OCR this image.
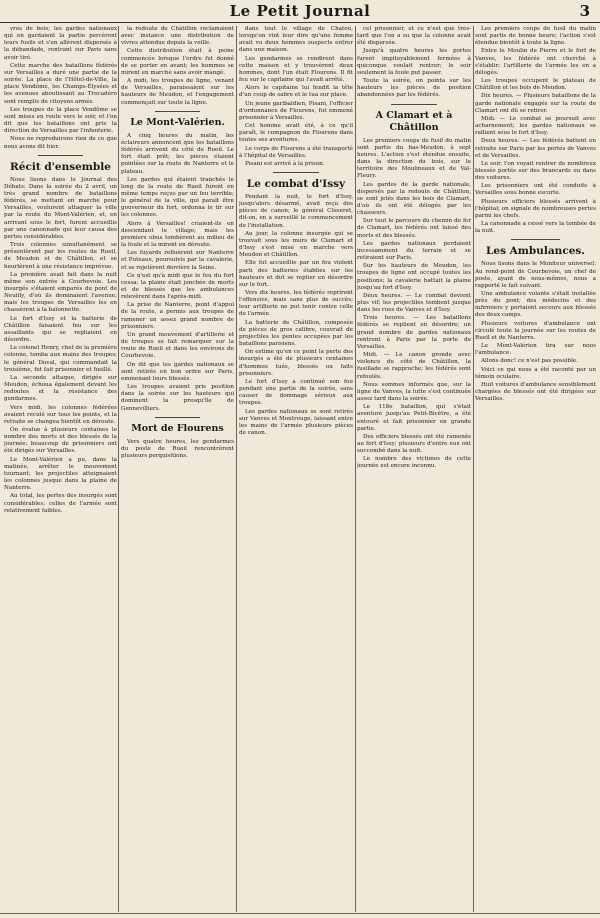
Le Petit Journal	3

vres de bois; les gardes nationaux qui en gardaient la partie percèrent leurs fusils et s'en allèrent dispersés à la débandade, rentrant sur Paris sans avoir tiré.

Cette marche des bataillons fédérés sur Versailles a duré une partie de la soirée. La place de l'Hôtel-de-Ville, la place Vendôme, les Champs-Élysées et les avenues aboutissant au Trocadéro sont remplis de citoyens armés.

Les troupes de la place Vendôme se sont mises en route vers le soir, et l'on dit que les bataillons ont pris la direction de Versailles par l'infanterie.

Nous ne reproduirons rien de ce que nous avons dit hier.

Récit d'ensemble

Nous lisons dans le Journal des Débats: Dans la soirée du 2 avril, un très grand nombre de bataillons fédérés, se mettant en marche pour Versailles, voulurent attaquer la ville par la route du Mont-Valérien, et, en arrivant sous le fort, furent accueillis par une canonnade qui leur causa des pertes considérables.

Trois colonnes simultanément se présentèrent par les routes de Rueil, de Meudon et de Châtillon, et se heurtèrent à une résistance imprévue.

La première avait fait dans la nuit même son entrée à Courbevoie. Les insurgés s'étaient emparés du pont de Neuilly, d'où ils dominaient l'avenue; mais les troupes de Versailles les en chassèrent à la baïonnette.

Le fort d'Issy et la batterie de Châtillon faisaient feu sur les assaillants qui se repliaient en désordre.

Le colonel Henry, chef de la première colonne, tomba aux mains des troupes; le général Duval, qui commandait la troisième, fut fait prisonnier et fusillé.

La seconde attaque, dirigée sur Meudon, échoua également devant les redoutes et la résistance des gendarmes.

Vers midi, les colonnes fédérées avaient reculé sur tous les points, et la retraite se changea bientôt en déroute.

On évalue à plusieurs centaines le nombre des morts et des blessés de la journée; beaucoup de prisonniers ont été dirigés sur Versailles.

Le Mont-Valérien a pu, dans la matinée, arrêter le mouvement tournant; les projectiles atteignaient les colonnes jusque dans la plaine de Nanterre.

Au total, les pertes des insurgés sont considérables; celles de l'armée sont relativement faibles.

la redoute de Châtillon réclamaient avec instance une distribution de vivres attendue depuis la veille.

Cette distribution était à peine commencée lorsque l'ordre fut donné de se porter en avant; les hommes se mirent en marche sans avoir mangé.

A midi, les troupes de ligne, venant de Versailles, paraissaient sur les hauteurs de Meudon, et l'engagement commençait sur toute la ligne.

Le Mont-Valérien.

A cinq heures du matin, les éclaireurs annoncent que les bataillons fédérés arrivent du côté de Rueil. Le fort était prêt; les pièces étaient pointées sur la route de Nanterre et le plateau.

Les gardes qui étaient tranchés le long de la route de Rueil furent en même temps reçus par un feu terrible; le général de la ville, qui paraît être gouverneur du fort, ordonna le tir sur les colonnes.

Alors à Versailles! criaient-ils en descendant le village; mais les premiers obus tombèrent au milieu de la foule et la mirent en déroute.

Les fuyards refluèrent sur Nanterre et Puteaux, poursuivis par la cavalerie, et se rejetèrent derrière la Seine.

Ce n'est qu'à midi que le feu du fort cessa; la plaine était jonchée de morts et de blessés que les ambulances relevèrent dans l'après-midi.

La prise de Nanterre, point d'appui de la route, a permis aux troupes de ramener un assez grand nombre de prisonniers.

Un grand mouvement d'artillerie et de troupes se fait remarquer sur la route de Rueil et dans les environs de Courbevoie.

On dit que les gardes nationaux se sont retirés en bon ordre sur Paris, emmenant leurs blessés.

Les troupes avaient pris position dans la soirée sur les hauteurs qui dominent la presqu'île de Gennevilliers.

Mort de Flourens

Vers quatre heures, les gendarmes du poste de Rueil rencontrèrent plusieurs perquisitions.

dans tout le village de Chatou, lorsqu'on vint leur dire qu'une femme avait vu deux hommes suspects entrer dans une maison.

Les gendarmes se rendirent dans cette maison et y trouvèrent deux hommes, dont l'un était Flourens. Il fit feu sur le capitaine qui l'avait arrêté.

Alors le capitaine lui fendit la tête d'un coup de sabre et le tua sur place.

Un jeune garibaldien, Pisani, l'officier d'ordonnance de Flourens, fut emmené prisonnier à Versailles.

Cet homme avait été, à ce qu'il paraît, le compagnon de Flourens dans toutes ses aventures.

Le corps de Flourens a été transporté à l'hôpital de Versailles.

Pisani est arrivé à la prison.

Le combat d'Issy

Pendant la nuit, le fort d'Issy, jusqu'alors désarmé, avait reçu des pièces de canon; le général Cluseret, dit-on, en a surveillé le commencement de l'installation.

Au jour, la colonne insurgée qui se trouvait sous les murs de Clamart et d'Issy s'est mise en marche vers Meudon et Châtillon.

Elle fut accueillie par un feu violent parti des batteries établies sur les hauteurs et dut se replier en désordre sur le fort.

Vers dix heures, les fédérés reprirent l'offensive, mais sans plus de succès; leur artillerie ne put tenir contre celle de l'armée.

La batterie de Châtillon, composée de pièces de gros calibre, couvrait de projectiles les pentes occupées par les bataillons parisiens.

On estime qu'en ce point la perte des insurgés a été de plusieurs centaines d'hommes tués, blessés ou faits prisonniers.

Le fort d'Issy a continué son feu pendant une partie de la soirée, sans causer de dommage sérieux aux troupes.

Les gardes nationaux se sont retirés sur Vanves et Montrouge, laissant entre les mains de l'armée plusieurs pièces de canon.

cel prisonnier, et ce n'est que très-tard que l'on a su que la colonne avait été dispersée.

Jusqu'à quatre heures les portes furent impitoyablement fermées à quiconque voulait rentrer; le soir seulement la foule put passer.

Toute la soirée, on pointa sur les hauteurs les pièces de position abandonnées par les fédérés.

A Clamart et à Châtillon

Les premiers coups de fusil du matin sont partis du bas-Meudon, à sept heures. L'action s'est étendue ensuite, dans la direction du bois, sur le territoire des Moulineaux et de Val-Fleury.

Les gardes de la garde nationale, dispersés par la redoute de Châtillon, se sont jetés dans les bois de Clamart, d'où ils ont été délogés par les chasseurs.

Sur tout le parcours du chemin de fer de Clamart, les fédérés ont laissé des morts et des blessés.

Les gardes nationaux perdaient incessamment du terrain et se retiraient sur Paris.

Sur les hauteurs de Meudon, les troupes de ligne ont occupé toutes les positions; la cavalerie battait la plaine jusqu'au fort d'Issy.

Deux heures. — Le combat devient plus vif; les projectiles tombent jusque dans les rues de Vanves et d'Issy.

Trois heures. — Les bataillons fédérés se replient en désordre; un grand nombre de gardes nationaux rentrent à Paris par la porte de Versailles.

Midi. — Le canon gronde avec violence du côté de Châtillon, la fusillade se rapproche; les fédérés sont refoulés.

Nous sommes informés que, sur la ligne de Vanves, la lutte s'est continuée assez tard dans la soirée.

Le 118e bataillon, qui s'était aventuré jusqu'au Petit-Bicêtre, a été entouré et fait prisonnier en grande partie.

Des officiers blessés ont été ramenés au fort d'Issy; plusieurs d'entre eux ont succombé dans la nuit.

Le nombre des victimes de cette journée est encore inconnu.

Les premiers coups de fusil du matin sont partis de bonne heure; l'action s'est étendue bientôt à toute la ligne.

Entre le Moulin de Pierre et le fort de Vanves, les fédérés ont cherché à s'établir; l'artillerie de l'armée les en a délogés.

Les troupes occupent le plateau de Châtillon et les bois de Meudon.

Dix heures. — Plusieurs bataillons de la garde nationale engagés sur la route de Clamart ont dû se retirer.

Midi. — Le combat se poursuit avec acharnement; les gardes nationaux se rallient sous le fort d'Issy.

Deux heures. — Les fédérés battent en retraite sur Paris par les portes de Vanves et de Versailles.

Le soir, l'on voyait rentrer de nombreux blessés portés sur des brancards ou dans des voitures.

Les prisonniers ont été conduits à Versailles sous bonne escorte.

Plusieurs officiers blessés arrivent à l'hôpital; on signale de nombreuses pertes parmi les chefs.

La canonnade a cessé vers la tombée de la nuit.

Les Ambulances.

Nous lisons dans le Moniteur universel: Au rond-point de Courbevoie, un chef de poste, ayant de nous-mêmes, nous a rapporté le fait suivant.

Une ambulance volante s'était installée près du pont; des médecins et des infirmiers y portaient secours aux blessés des deux camps.

Plusieurs voitures d'ambulance ont circulé toute la journée sur les routes de Rueil et de Nanterre.

Le Mont-Valérien tira sur nous l'ambulance.

Allons donc! ce n'est pas possible.

Voici ce qui nous a été raconté par un témoin oculaire.

Huit voitures d'ambulance sensiblement chargées de blessés ont été dirigées sur Versailles.
